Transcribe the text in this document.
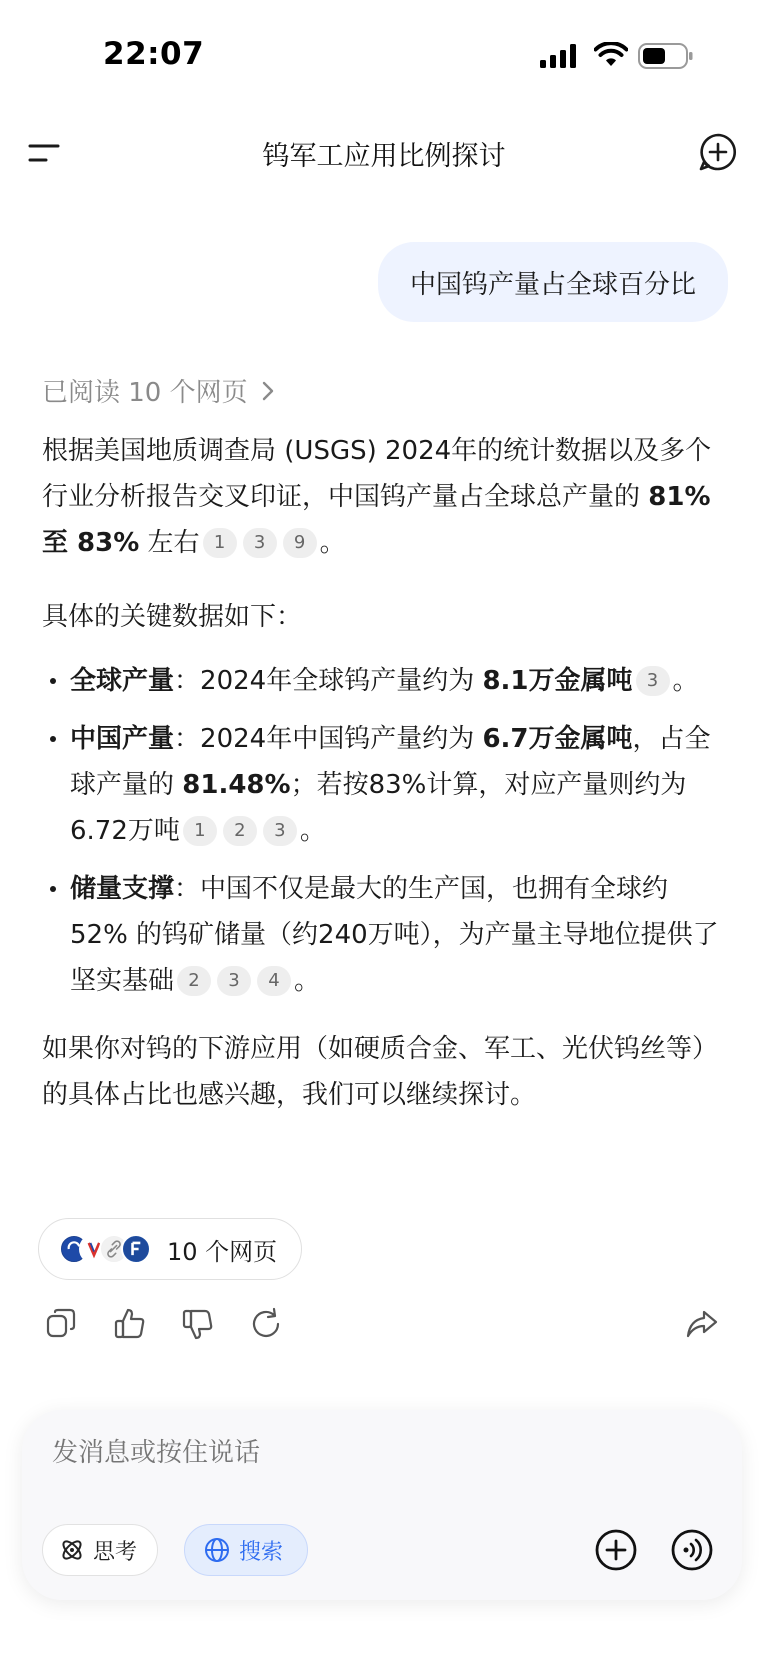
22:07
钨军工应用比例探讨
中国钨产量占全球百分比
已阅读 10 个网页

根据美国地质调查局 (USGS) 2024年的统计数据以及多个行业分析报告交叉印证，中国钨产量占全球总产量的 81% 至 83% 左右 1 3 9 。

具体的关键数据如下：

全球产量：2024年全球钨产量约为 8.1万金属吨 3 。
中国产量：2024年中国钨产量约为 6.7万金属吨，占全球产量的 81.48%；若按83%计算，对应产量则约为6.72万吨 1 2 3 。
储量支撑：中国不仅是最大的生产国，也拥有全球约 52% 的钨矿储量（约240万吨），为产量主导地位提供了坚实基础 2 3 4 。

如果你对钨的下游应用（如硬质合金、军工、光伏钨丝等）的具体占比也感兴趣，我们可以继续探讨。

10 个网页
发消息或按住说话
思考	搜索
